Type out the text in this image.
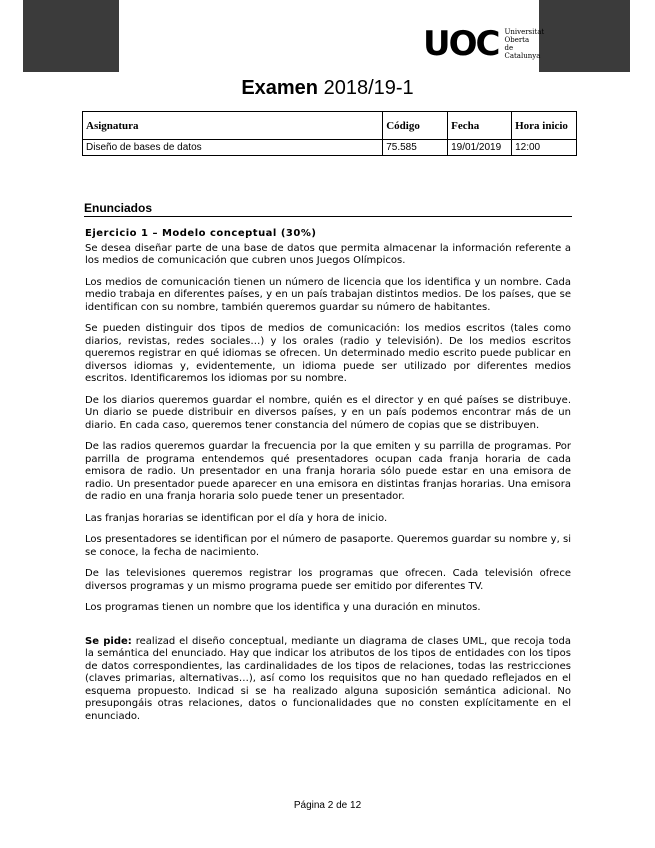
UOC Universitat
Oberta
de Catalunya
Examen 2018/19-1
Asignatura	Código	Fecha	Hora inicio
Diseño de bases de datos	75.585	19/01/2019	12:00
Enunciados

Ejercicio 1 – Modelo conceptual (30%)

Se desea diseñar parte de una base de datos que permita almacenar la información referente a los medios de comunicación que cubren unos Juegos Olímpicos.

Los medios de comunicación tienen un número de licencia que los identifica y un nombre. Cada medio trabaja en diferentes países, y en un país trabajan distintos medios. De los países, que se identifican con su nombre, también queremos guardar su número de habitantes.

Se pueden distinguir dos tipos de medios de comunicación: los medios escritos (tales como diarios, revistas, redes sociales…) y los orales (radio y televisión). De los medios escritos queremos registrar en qué idiomas se ofrecen. Un determinado medio escrito puede publicar en diversos idiomas y, evidentemente, un idioma puede ser utilizado por diferentes medios escritos. Identificaremos los idiomas por su nombre.

De los diarios queremos guardar el nombre, quién es el director y en qué países se distribuye. Un diario se puede distribuir en diversos países, y en un país podemos encontrar más de un diario. En cada caso, queremos tener constancia del número de copias que se distribuyen.

De las radios queremos guardar la frecuencia por la que emiten y su parrilla de programas. Por parrilla de programa entendemos qué presentadores ocupan cada franja horaria de cada emisora de radio. Un presentador en una franja horaria sólo puede estar en una emisora de radio. Un presentador puede aparecer en una emisora en distintas franjas horarias. Una emisora de radio en una franja horaria solo puede tener un presentador.

Las franjas horarias se identifican por el día y hora de inicio.

Los presentadores se identifican por el número de pasaporte. Queremos guardar su nombre y, si se conoce, la fecha de nacimiento.

De las televisiones queremos registrar los programas que ofrecen. Cada televisión ofrece diversos programas y un mismo programa puede ser emitido por diferentes TV.

Los programas tienen un nombre que los identifica y una duración en minutos.

Se pide: realizad el diseño conceptual, mediante un diagrama de clases UML, que recoja toda la semántica del enunciado. Hay que indicar los atributos de los tipos de entidades con los tipos de datos correspondientes, las cardinalidades de los tipos de relaciones, todas las restricciones (claves primarias, alternativas…), así como los requisitos que no han quedado reflejados en el esquema propuesto. Indicad si se ha realizado alguna suposición semántica adicional. No presupongáis otras relaciones, datos o funcionalidades que no consten explícitamente en el enunciado.

Página 2 de 12
